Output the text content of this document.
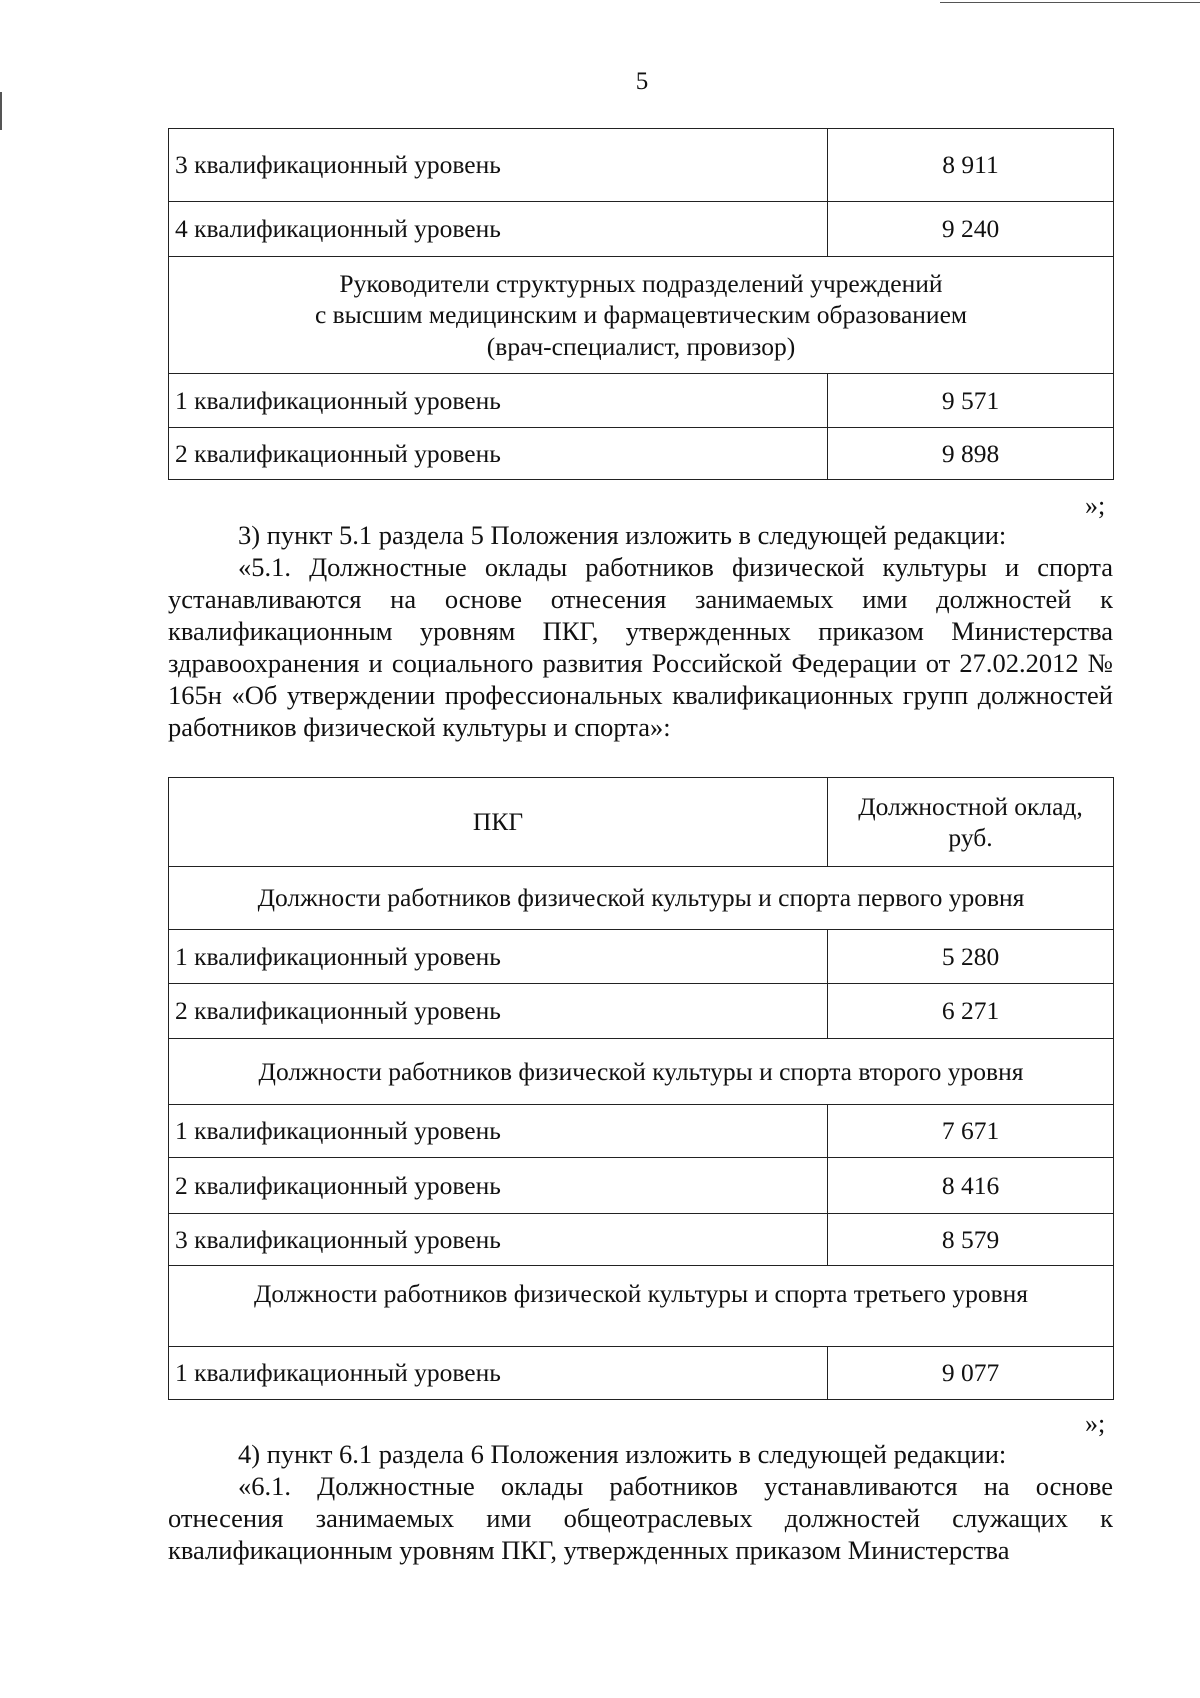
5
3 квалификационный уровень	8 911
4 квалификационный уровень	9 240

Руководители структурных подразделений учреждений
с высшим медицинским и фармацевтическим образованием
(врач-специалист, провизор)	

1 квалификационный уровень	9 571
2 квалификационный уровень	9 898
»;

3) пункт 5.1 раздела 5 Положения изложить в следующей редакции:

«5.1. Должностные оклады работников физической культуры и спорта устанавливаются на основе отнесения занимаемых ими должностей к квалификационным уровням ПКГ, утвержденных приказом Министерства здравоохранения и социального развития Российской Федерации от 27.02.2012 № 165н «Об утверждении профессиональных квалификационных групп должностей работников физической культуры и спорта»:

ПКГ	Должностной оклад,
руб.

Должности работников физической культуры и спорта первого уровня	
1 квалификационный уровень	5 280
2 квалификационный уровень	6 271
Должности работников физической культуры и спорта второго уровня	
1 квалификационный уровень	7 671
2 квалификационный уровень	8 416
3 квалификационный уровень	8 579
Должности работников физической культуры и спорта третьего уровня	
1 квалификационный уровень	9 077
»;

4) пункт 6.1 раздела 6 Положения изложить в следующей редакции:

«6.1. Должностные оклады работников устанавливаются на основе отнесения занимаемых ими общеотраслевых должностей служащих к квалификационным уровням ПКГ, утвержденных приказом Министерства
